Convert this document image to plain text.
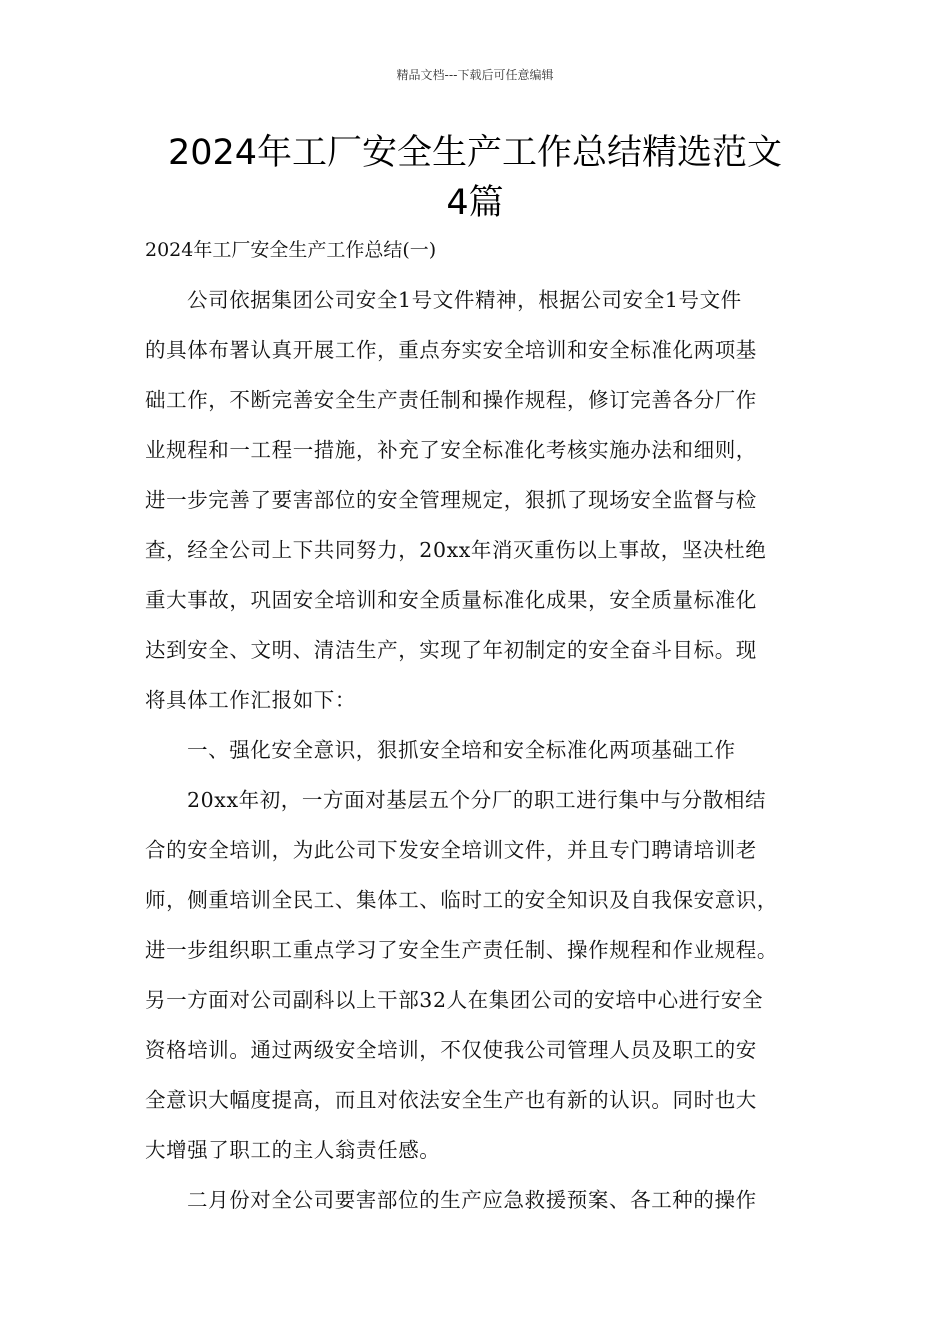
精品文档---下载后可任意编辑
2024年工厂安全生产工作总结精选范文
4篇
2024年工厂安全生产工作总结(一)

公司依据集团公司安全1号文件精神，根据公司安全1号文件
的具体布署认真开展工作，重点夯实安全培训和安全标准化两项基
础工作，不断完善安全生产责任制和操作规程，修订完善各分厂作
业规程和一工程一措施，补充了安全标准化考核实施办法和细则，
进一步完善了要害部位的安全管理规定，狠抓了现场安全监督与检
查，经全公司上下共同努力，20xx年消灭重伤以上事故，坚决杜绝
重大事故，巩固安全培训和安全质量标准化成果，安全质量标准化
达到安全、文明、清洁生产，实现了年初制定的安全奋斗目标。现
将具体工作汇报如下：

一、强化安全意识，狠抓安全培和安全标准化两项基础工作

20xx年初，一方面对基层五个分厂的职工进行集中与分散相结
合的安全培训，为此公司下发安全培训文件，并且专门聘请培训老
师，侧重培训全民工、集体工、临时工的安全知识及自我保安意识，
进一步组织职工重点学习了安全生产责任制、操作规程和作业规程。
另一方面对公司副科以上干部32人在集团公司的安培中心进行安全
资格培训。通过两级安全培训，不仅使我公司管理人员及职工的安
全意识大幅度提高，而且对依法安全生产也有新的认识。同时也大
大增强了职工的主人翁责任感。

二月份对全公司要害部位的生产应急救援预案、各工种的操作
